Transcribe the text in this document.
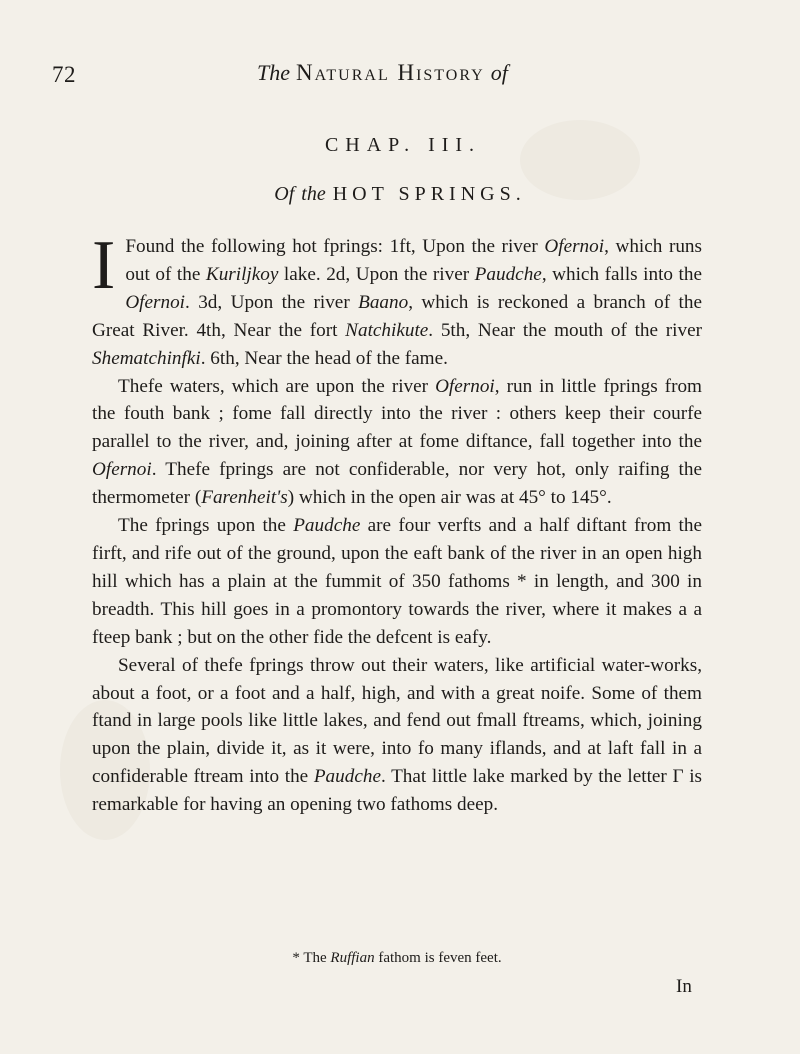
72	The Natural History of
CHAP. III.
Of the HOT SPRINGS.

I Found the following hot fprings: 1ft, Upon the river Ofernoi, which runs out of the Kuriljkoy lake. 2d, Upon the river Paudche, which falls into the Ofernoi. 3d, Upon the river Baano, which is reckoned a branch of the Great River. 4th, Near the fort Natchikute. 5th, Near the mouth of the river Shematchinfki. 6th, Near the head of the fame.

Thefe waters, which are upon the river Ofernoi, run in little fprings from the fouth bank ; fome fall directly into the river : others keep their courfe parallel to the river, and, joining after at fome diftance, fall together into the Ofernoi. Thefe fprings are not confiderable, nor very hot, only raifing the thermometer (Farenheit's) which in the open air was at 45° to 145°.

The fprings upon the Paudche are four verfts and a half diftant from the firft, and rife out of the ground, upon the eaft bank of the river in an open high hill which has a plain at the fummit of 350 fathoms * in length, and 300 in breadth. This hill goes in a promontory towards the river, where it makes a a fteep bank ; but on the other fide the defcent is eafy.

Several of thefe fprings throw out their waters, like artificial water-works, about a foot, or a foot and a half, high, and with a great noife. Some of them ftand in large pools like little lakes, and fend out fmall ftreams, which, joining upon the plain, divide it, as it were, into fo many iflands, and at laft fall in a confiderable ftream into the Paudche. That little lake marked by the letter Γ is remarkable for having an opening two fathoms deep.

* The Ruffian fathom is feven feet.
In
